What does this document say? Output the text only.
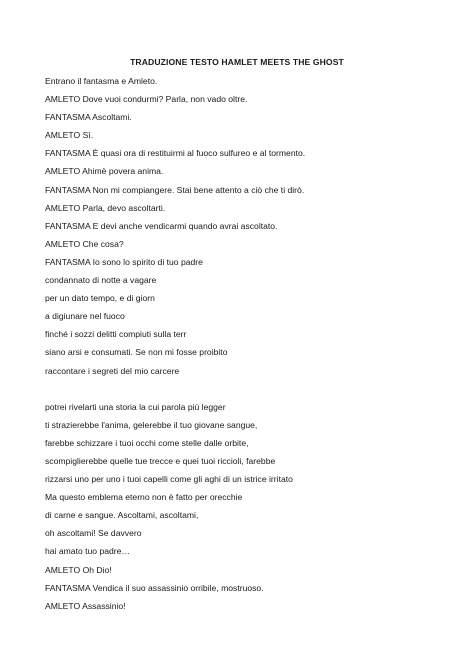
TRADUZIONE TESTO HAMLET MEETS THE GHOST
Entrano il fantasma e Amleto.
AMLETO Dove vuoi condurmi? Parla, non vado oltre.
FANTASMA Ascoltami.
AMLETO Sì.
FANTASMA È quasi ora di restituirmi al fuoco sulfureo e al tormento.
AMLETO Ahimè povera anima.
FANTASMA Non mi compiangere. Stai bene attento a ciò che ti dirò.
AMLETO Parla, devo ascoltarti.
FANTASMA E devi anche vendicarmi quando avrai ascoltato.
AMLETO Che cosa?
FANTASMA Io sono lo spirito di tuo padre
condannato di notte a vagare
per un dato tempo, e di giorn
a digiunare nel fuoco
finché i sozzi delitti compiuti sulla terr
siano arsi e consumati. Se non mi fosse proibito
raccontare i segreti del mio carcere
potrei rivelarti una storia la cui parola più legger
ti strazierebbe l'anima, gelerebbe il tuo giovane sangue,
farebbe schizzare i tuoi occhi come stelle dalle orbite,
scompiglierebbe quelle tue trecce e quei tuoi riccioli, farebbe
rizzarsi uno per uno i tuoi capelli come gli aghi di un istrice irritato
Ma questo emblema eterno non è fatto per orecchie
di carne e sangue. Ascoltami, ascoltami,
oh ascoltami! Se davvero
hai amato tuo padre…
AMLETO Oh Dio!
FANTASMA Vendica il suo assassinio orribile, mostruoso.
AMLETO Assassinio!
